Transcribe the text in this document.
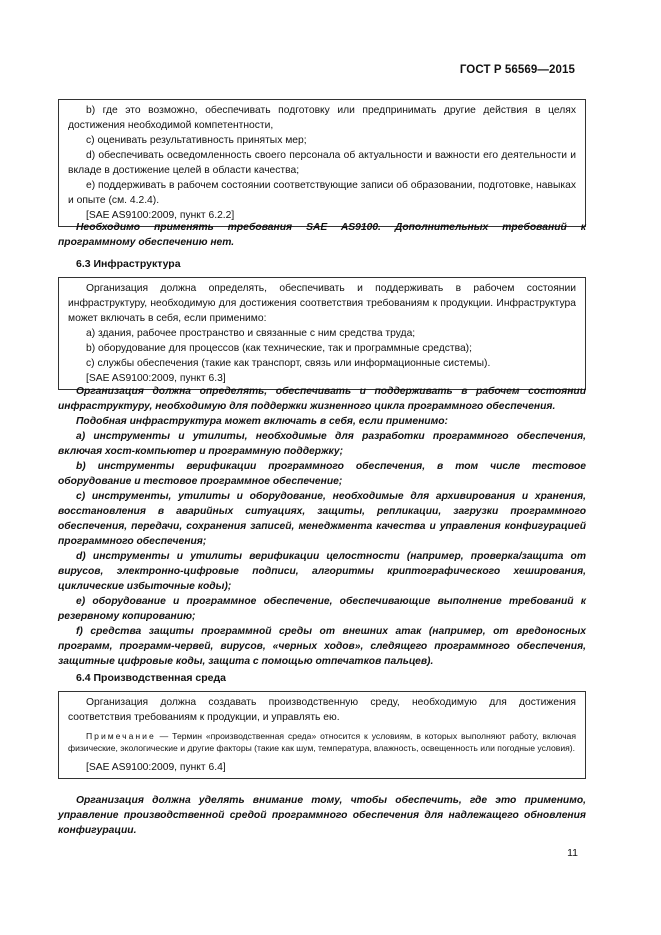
ГОСТ Р 56569—2015

b) где это возможно, обеспечивать подготовку или предпринимать другие действия в целях достижения необходимой компетентности,

c) оценивать результативность принятых мер;

d) обеспечивать осведомленность своего персонала об актуальности и важности его деятельности и вкладе в достижение целей в области качества;

e) поддерживать в рабочем состоянии соответствующие записи об образовании, подготовке, навыках и опыте (см. 4.2.4).

[SAE AS9100:2009, пункт 6.2.2]

Необходимо применять требования SAE AS9100. Дополнительных требований к программному обеспечению нет.

6.3 Инфраструктура

Организация должна определять, обеспечивать и поддерживать в рабочем состоянии инфраструктуру, необходимую для достижения соответствия требованиям к продукции. Инфраструктура может включать в себя, если применимо:

a) здания, рабочее пространство и связанные с ним средства труда;

b) оборудование для процессов (как технические, так и программные средства);

c) службы обеспечения (такие как транспорт, связь или информационные системы).

[SAE AS9100:2009, пункт 6.3]

Организация должна определять, обеспечивать и поддерживать в рабочем состоянии инфраструктуру, необходимую для поддержки жизненного цикла программного обеспечения.

Подобная инфраструктура может включать в себя, если применимо:

a) инструменты и утилиты, необходимые для разработки программного обеспечения, включая хост-компьютер и программную поддержку;

b) инструменты верификации программного обеспечения, в том числе тестовое оборудование и тестовое программное обеспечение;

c) инструменты, утилиты и оборудование, необходимые для архивирования и хранения, восстановления в аварийных ситуациях, защиты, репликации, загрузки программного обеспечения, передачи, сохранения записей, менеджмента качества и управления конфигурацией программного обеспечения;

d) инструменты и утилиты верификации целостности (например, проверка/защита от вирусов, электронно-цифровые подписи, алгоритмы криптографического хеширования, циклические избыточные коды);

e) оборудование и программное обеспечение, обеспечивающие выполнение требований к резервному копированию;

f) средства защиты программной среды от внешних атак (например, от вредоносных программ, программ-червей, вирусов, «черных ходов», следящего программного обеспечения, защитные цифровые коды, защита с помощью отпечатков пальцев).

6.4 Производственная среда

Организация должна создавать производственную среду, необходимую для достижения соответствия требованиям к продукции, и управлять ею.

Примечание — Термин «производственная среда» относится к условиям, в которых выполняют работу, включая физические, экологические и другие факторы (такие как шум, температура, влажность, освещенность или погодные условия).

[SAE AS9100:2009, пункт 6.4]

Организация должна уделять внимание тому, чтобы обеспечить, где это применимо, управление производственной средой программного обеспечения для надлежащего обновления конфигурации.

11
